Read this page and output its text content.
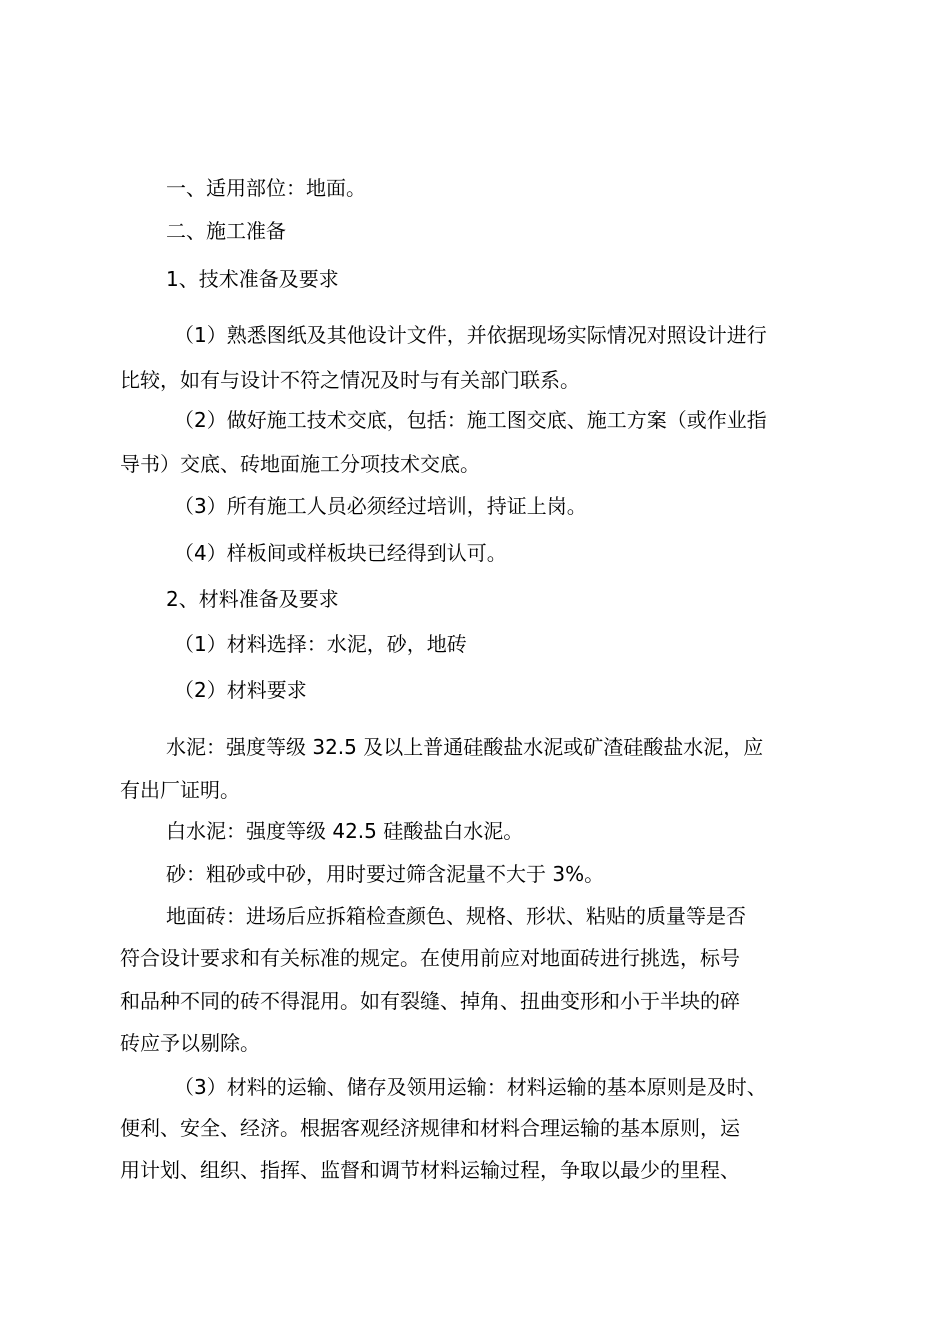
一、适用部位：地面。
二、施工准备
1、技术准备及要求
（1）熟悉图纸及其他设计文件，并依据现场实际情况对照设计进行
比较，如有与设计不符之情况及时与有关部门联系。
（2）做好施工技术交底，包括：施工图交底、施工方案（或作业指
导书）交底、砖地面施工分项技术交底。
（3）所有施工人员必须经过培训，持证上岗。
（4）样板间或样板块已经得到认可。
2、材料准备及要求
（1）材料选择：水泥，砂，地砖
（2）材料要求
水泥：强度等级 32.5 及以上普通硅酸盐水泥或矿渣硅酸盐水泥，应
有出厂证明。
白水泥：强度等级 42.5 硅酸盐白水泥。
砂：粗砂或中砂，用时要过筛含泥量不大于 3%。
地面砖：进场后应拆箱检查颜色、规格、形状、粘贴的质量等是否
符合设计要求和有关标准的规定。在使用前应对地面砖进行挑选，标号
和品种不同的砖不得混用。如有裂缝、掉角、扭曲变形和小于半块的碎
砖应予以剔除。
（3）材料的运输、储存及领用运输：材料运输的基本原则是及时、
便利、安全、经济。根据客观经济规律和材料合理运输的基本原则，运
用计划、组织、指挥、监督和调节材料运输过程，争取以最少的里程、
